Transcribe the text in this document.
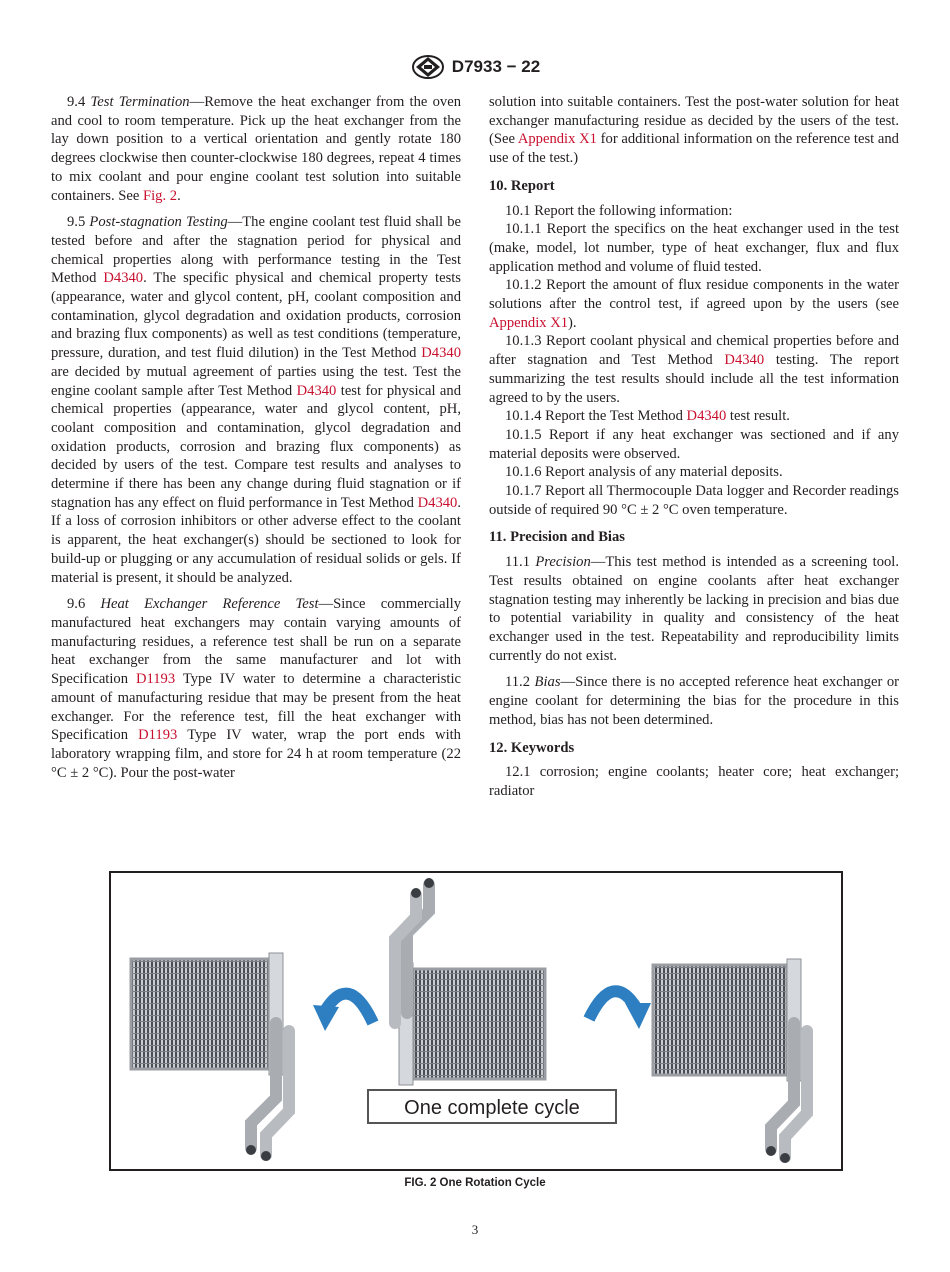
D7933 − 22

9.4 Test Termination—Remove the heat exchanger from the oven and cool to room temperature. Pick up the heat exchanger from the lay down position to a vertical orientation and gently rotate 180 degrees clockwise then counter-clockwise 180 degrees, repeat 4 times to mix coolant and pour engine coolant test solution into suitable containers. See Fig. 2.

9.5 Post-stagnation Testing—The engine coolant test fluid shall be tested before and after the stagnation period for physical and chemical properties along with performance testing in the Test Method D4340. The specific physical and chemical property tests (appearance, water and glycol content, pH, coolant composition and contamination, glycol degradation and oxidation products, corrosion and brazing flux components) as well as test conditions (temperature, pressure, duration, and test fluid dilution) in the Test Method D4340 are decided by mutual agreement of parties using the test. Test the engine coolant sample after Test Method D4340 test for physical and chemical properties (appearance, water and glycol content, pH, coolant composition and contamination, glycol degradation and oxidation products, corrosion and brazing flux components) as decided by users of the test. Compare test results and analyses to determine if there has been any change during fluid stagnation or if stagnation has any effect on fluid performance in Test Method D4340. If a loss of corrosion inhibitors or other adverse effect to the coolant is apparent, the heat exchanger(s) should be sectioned to look for build-up or plugging or any accumulation of residual solids or gels. If material is present, it should be analyzed.

9.6 Heat Exchanger Reference Test—Since commercially manufactured heat exchangers may contain varying amounts of manufacturing residues, a reference test shall be run on a separate heat exchanger from the same manufacturer and lot with Specification D1193 Type IV water to determine a characteristic amount of manufacturing residue that may be present from the heat exchanger. For the reference test, fill the heat exchanger with Specification D1193 Type IV water, wrap the port ends with laboratory wrapping film, and store for 24 h at room temperature (22 °C ± 2 °C). Pour the post-water

solution into suitable containers. Test the post-water solution for heat exchanger manufacturing residue as decided by the users of the test. (See Appendix X1 for additional information on the reference test and use of the test.)

10. Report

10.1 Report the following information:

10.1.1 Report the specifics on the heat exchanger used in the test (make, model, lot number, type of heat exchanger, flux and flux application method and volume of fluid tested.

10.1.2 Report the amount of flux residue components in the water solutions after the control test, if agreed upon by the users (see Appendix X1).

10.1.3 Report coolant physical and chemical properties before and after stagnation and Test Method D4340 testing. The report summarizing the test results should include all the test information agreed to by the users.

10.1.4 Report the Test Method D4340 test result.

10.1.5 Report if any heat exchanger was sectioned and if any material deposits were observed.

10.1.6 Report analysis of any material deposits.

10.1.7 Report all Thermocouple Data logger and Recorder readings outside of required 90 °C ± 2 °C oven temperature.

11. Precision and Bias

11.1 Precision—This test method is intended as a screening tool. Test results obtained on engine coolants after heat exchanger stagnation testing may inherently be lacking in precision and bias due to potential variability in quality and consistency of the heat exchanger used in the test. Repeatability and reproducibility limits currently do not exist.

11.2 Bias—Since there is no accepted reference heat exchanger or engine coolant for determining the bias for the procedure in this method, bias has not been determined.

12. Keywords

12.1 corrosion; engine coolants; heater core; heat exchanger; radiator

One complete cycle
FIG. 2 One Rotation Cycle
3
